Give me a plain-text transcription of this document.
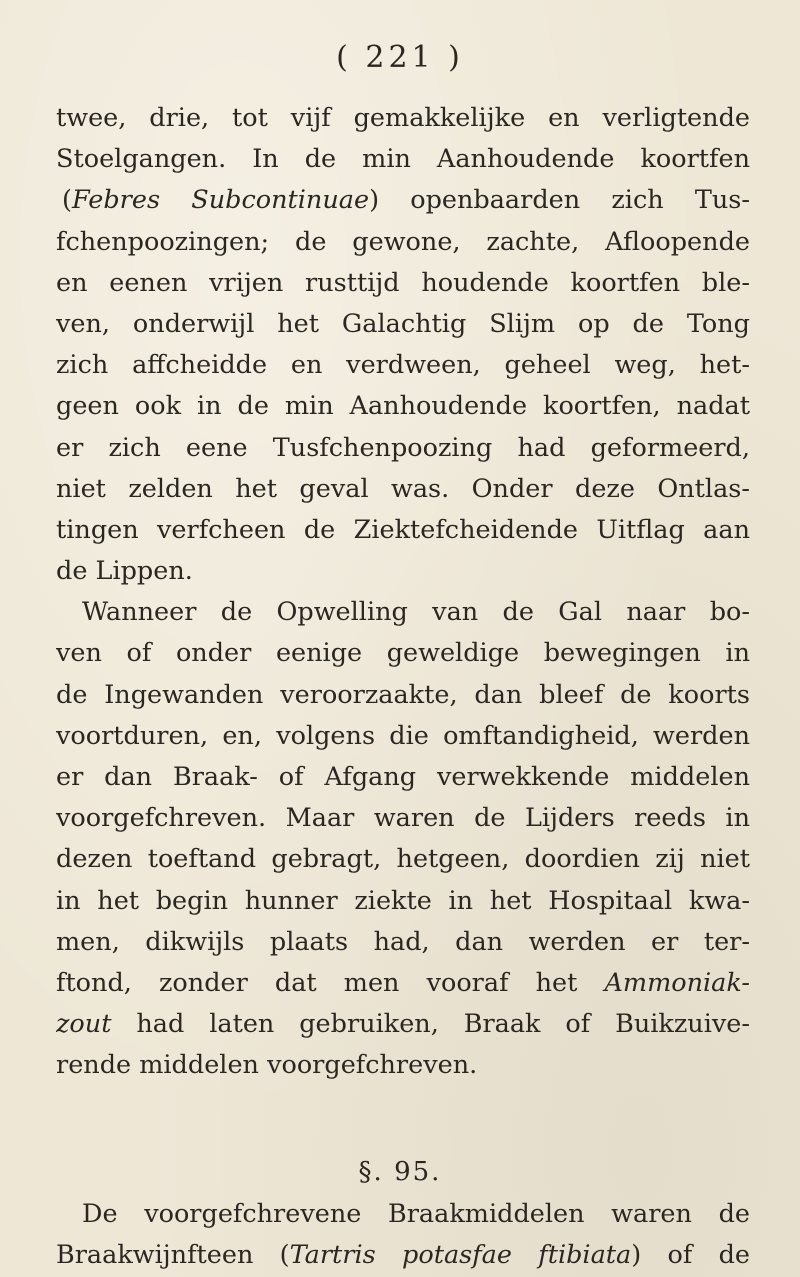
( 221 )
twee, drie, tot vijf gemakkelijke en verligtende
Stoelgangen. In de min Aanhoudende koortfen
(Febres Subcontinuae) openbaarden zich Tus-
fchenpoozingen; de gewone, zachte, Afloopende
en eenen vrijen rusttijd houdende koortfen ble-
ven, onderwijl het Galachtig Slijm op de Tong
zich affcheidde en verdween, geheel weg, het-
geen ook in de min Aanhoudende koortfen, nadat
er zich eene Tusfchenpoozing had geformeerd,
niet zelden het geval was. Onder deze Ontlas-
tingen verfcheen de Ziektefcheidende Uitflag aan
de Lippen.
Wanneer de Opwelling van de Gal naar bo-
ven of onder eenige geweldige bewegingen in
de Ingewanden veroorzaakte, dan bleef de koorts
voortduren, en, volgens die omftandigheid, werden
er dan Braak- of Afgang verwekkende middelen
voorgefchreven. Maar waren de Lijders reeds in
dezen toeftand gebragt, hetgeen, doordien zij niet
in het begin hunner ziekte in het Hospitaal kwa-
men, dikwijls plaats had, dan werden er ter-
ftond, zonder dat men vooraf het Ammoniak-
zout had laten gebruiken, Braak of Buikzuive-
rende middelen voorgefchreven.
§. 95.
De voorgefchrevene Braakmiddelen waren de
Braakwijnfteen (Tartris potasfae ftibiata) of de
